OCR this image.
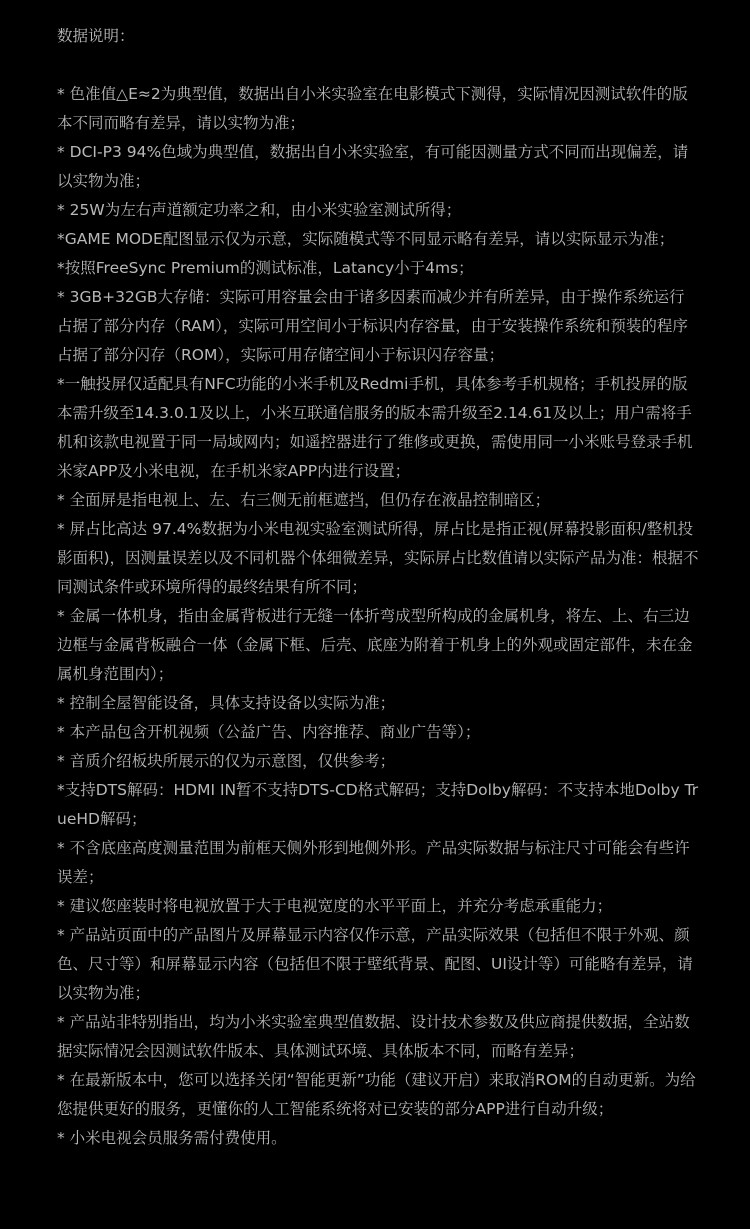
数据说明：

* 色准值△E≈2为典型值，数据出自小米实验室在电影模式下测得，实际情况因测试软件的版本不同而略有差异，请以实物为准；

* DCI-P3 94%色域为典型值，数据出自小米实验室，有可能因测量方式不同而出现偏差，请以实物为准；

* 25W为左右声道额定功率之和，由小米实验室测试所得；

*GAME MODE配图显示仅为示意，实际随模式等不同显示略有差异，请以实际显示为准；

*按照FreeSync Premium的测试标准，Latancy小于4ms；

* 3GB+32GB大存储：实际可用容量会由于诸多因素而减少并有所差异，由于操作系统运行占据了部分内存（RAM），实际可用空间小于标识内存容量，由于安装操作系统和预装的程序占据了部分闪存（ROM），实际可用存储空间小于标识闪存容量；

*一触投屏仅适配具有NFC功能的小米手机及Redmi手机，具体参考手机规格；手机投屏的版本需升级至14.3.0.1及以上，小米互联通信服务的版本需升级至2.14.61及以上；用户需将手机和该款电视置于同一局域网内；如遥控器进行了维修或更换，需使用同一小米账号登录手机米家APP及小米电视，在手机米家APP内进行设置；

* 全面屏是指电视上、左、右三侧无前框遮挡，但仍存在液晶控制暗区；

* 屏占比高达 97.4%数据为小米电视实验室测试所得，屏占比是指正视(屏幕投影面积/整机投影面积)，因测量误差以及不同机器个体细微差异，实际屏占比数值请以实际产品为准：根据不同测试条件或环境所得的最终结果有所不同；

* 金属一体机身，指由金属背板进行无缝一体折弯成型所构成的金属机身，将左、上、右三边边框与金属背板融合一体（金属下框、后壳、底座为附着于机身上的外观或固定部件，未在金属机身范围内）；

* 控制全屋智能设备，具体支持设备以实际为准；

* 本产品包含开机视频（公益广告、内容推荐、商业广告等）；

* 音质介绍板块所展示的仅为示意图，仅供参考；

*支持DTS解码：HDMI IN暂不支持DTS-CD格式解码；支持Dolby解码：不支持本地Dolby TrueHD解码；

* 不含底座高度测量范围为前框天侧外形到地侧外形。产品实际数据与标注尺寸可能会有些许误差；

* 建议您座装时将电视放置于大于电视宽度的水平平面上，并充分考虑承重能力；

* 产品站页面中的产品图片及屏幕显示内容仅作示意，产品实际效果（包括但不限于外观、颜色、尺寸等）和屏幕显示内容（包括但不限于壁纸背景、配图、UI设计等）可能略有差异，请以实物为准；

* 产品站非特别指出，均为小米实验室典型值数据、设计技术参数及供应商提供数据，全站数据实际情况会因测试软件版本、具体测试环境、具体版本不同，而略有差异；

* 在最新版本中，您可以选择关闭“智能更新”功能（建议开启）来取消ROM的自动更新。为给您提供更好的服务，更懂你的人工智能系统将对已安装的部分APP进行自动升级；

* 小米电视会员服务需付费使用。
